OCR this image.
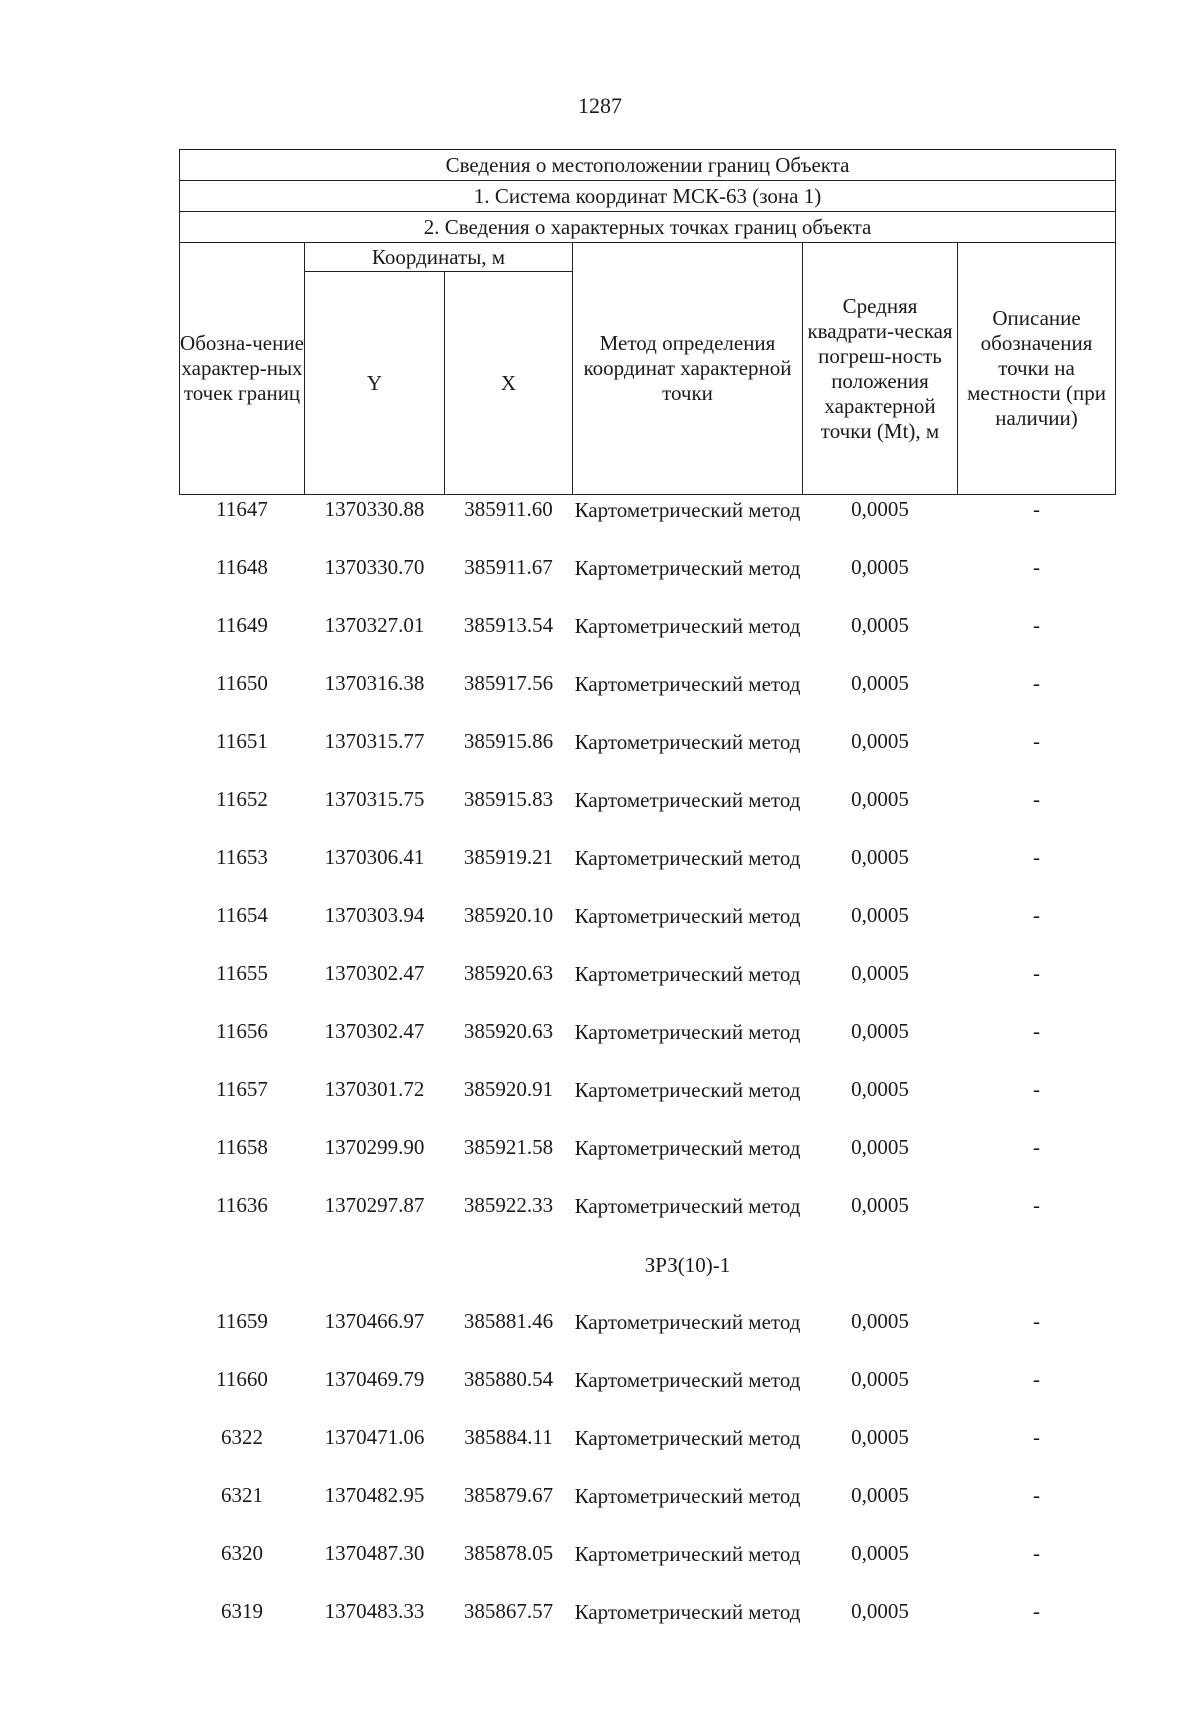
1287
Сведения о местоположении границ Объекта					
1. Система координат МСК-63 (зона 1)					
2. Сведения о характерных точках границ объекта					
Обозна-чение характер-ных точек границ	Координаты, м		Метод определения координат характерной точки	Средняя квадрати-ческая погреш-ность положения характерной точки (Mt), м	Описание обозначения точки на местности (при наличии)
	Y	X			
11647	1370330.88	385911.60	Картометрический метод	0,0005	-
11648	1370330.70	385911.67	Картометрический метод	0,0005	-
11649	1370327.01	385913.54	Картометрический метод	0,0005	-
11650	1370316.38	385917.56	Картометрический метод	0,0005	-
11651	1370315.77	385915.86	Картометрический метод	0,0005	-
11652	1370315.75	385915.83	Картометрический метод	0,0005	-
11653	1370306.41	385919.21	Картометрический метод	0,0005	-
11654	1370303.94	385920.10	Картометрический метод	0,0005	-
11655	1370302.47	385920.63	Картометрический метод	0,0005	-
11656	1370302.47	385920.63	Картометрический метод	0,0005	-
11657	1370301.72	385920.91	Картометрический метод	0,0005	-
11658	1370299.90	385921.58	Картометрический метод	0,0005	-
11636	1370297.87	385922.33	Картометрический метод	0,0005	-
			ЗРЗ(10)-1		
11659	1370466.97	385881.46	Картометрический метод	0,0005	-
11660	1370469.79	385880.54	Картометрический метод	0,0005	-
6322	1370471.06	385884.11	Картометрический метод	0,0005	-
6321	1370482.95	385879.67	Картометрический метод	0,0005	-
6320	1370487.30	385878.05	Картометрический метод	0,0005	-
6319	1370483.33	385867.57	Картометрический метод	0,0005	-
